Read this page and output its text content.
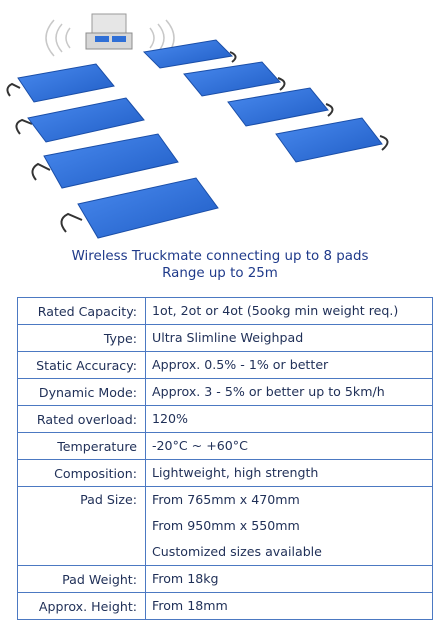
Wireless Truckmate connecting up to 8 pads
Range up to 25m
Rated Capacity:	1ot, 2ot or 4ot (5ookg min weight req.)

Type:	Ultra Slimline Weighpad

Static Accuracy:	Approx. 0.5% - 1% or better

Dynamic Mode:	Approx. 3 - 5% or better up to 5km/h

Rated overload:	120%

Temperature	-20°C ~ +60°C

Composition:	Lightweight, high strength

Pad Size:	From 765mm x 470mm
From 950mm x 550mm
Customized sizes available

Pad Weight:	From 18kg

Approx. Height:	From 18mm
